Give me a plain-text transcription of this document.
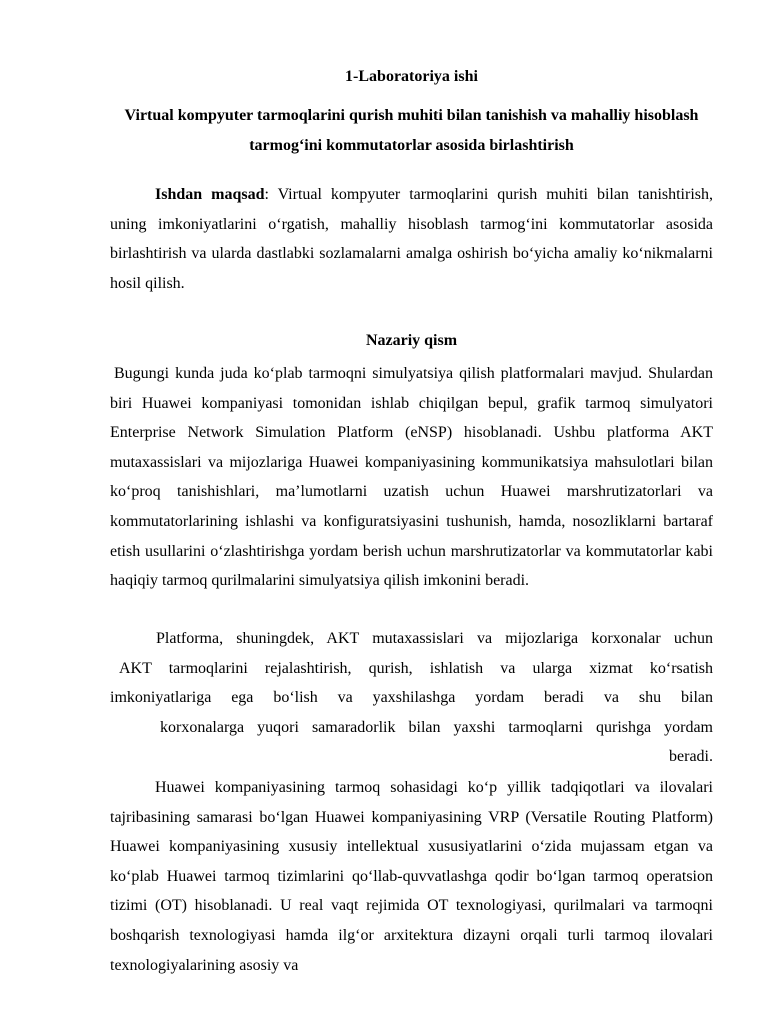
1-Laboratoriya ishi
Virtual kompyuter tarmoqlarini qurish muhiti bilan tanishish va mahalliy hisoblash tarmog‘ini kommutatorlar asosida birlashtirish

Ishdan maqsad: Virtual kompyuter tarmoqlarini qurish muhiti bilan tanishtirish, uning imkoniyatlarini o‘rgatish, mahalliy hisoblash tarmog‘ini kommutatorlar asosida birlashtirish va ularda dastlabki sozlamalarni amalga oshirish bo‘yicha amaliy ko‘nikmalarni hosil qilish.

Nazariy qism

Bugungi kunda juda ko‘plab tarmoqni simulyatsiya qilish platformalari mavjud. Shulardan biri Huawei kompaniyasi tomonidan ishlab chiqilgan bepul, grafik tarmoq simulyatori Enterprise Network Simulation Platform (eNSP) hisoblanadi. Ushbu platforma AKT mutaxassislari va mijozlariga Huawei kompaniyasining kommunikatsiya mahsulotlari bilan ko‘proq tanishishlari, ma’lumotlarni uzatish uchun Huawei marshrutizatorlari va kommutatorlarining ishlashi va konfiguratsiyasini tushunish, hamda, nosozliklarni bartaraf etish usullarini o‘zlashtirishga yordam berish uchun marshrutizatorlar va kommutatorlar kabi haqiqiy tarmoq qurilmalarini simulyatsiya qilish imkonini beradi.

Platforma, shuningdek, AKT mutaxassislari va mijozlariga korxonalar uchun
AKT tarmoqlarini rejalashtirish, qurish, ishlatish va ularga xizmat ko‘rsatish
imkoniyatlariga ega bo‘lish va yaxshilashga yordam beradi va shu bilan
korxonalarga yuqori samaradorlik bilan yaxshi tarmoqlarni qurishga yordam
beradi.

Huawei kompaniyasining tarmoq sohasidagi ko‘p yillik tadqiqotlari va ilovalari tajribasining samarasi bo‘lgan Huawei kompaniyasining VRP (Versatile Routing Platform) Huawei kompaniyasining xususiy intellektual xususiyatlarini o‘zida mujassam etgan va ko‘plab Huawei tarmoq tizimlarini qo‘llab-quvvatlashga qodir bo‘lgan tarmoq operatsion tizimi (OT) hisoblanadi. U real vaqt rejimida OT texnologiyasi, qurilmalari va tarmoqni boshqarish texnologiyasi hamda ilg‘or arxitektura dizayni orqali turli tarmoq ilovalari texnologiyalarining asosiy va
